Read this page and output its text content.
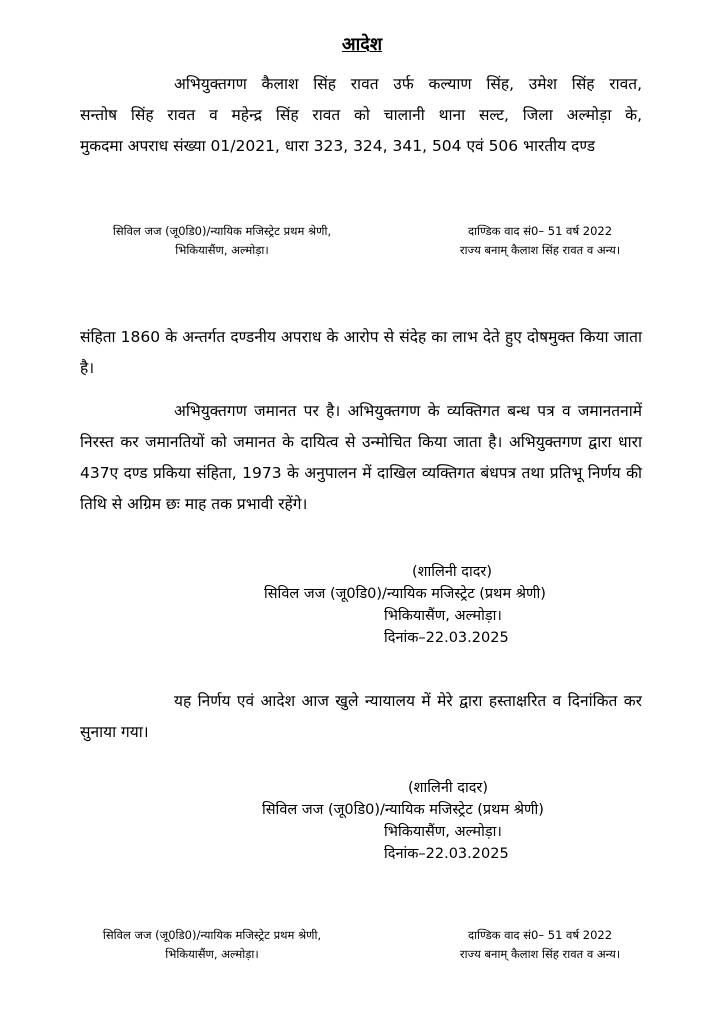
आदेश
अभियुक्तगण कैलाश सिंह रावत उर्फ कल्याण सिंह, उमेश सिंह रावत,
सन्तोष सिंह रावत व महेन्द्र सिंह रावत को चालानी थाना सल्ट, जिला अल्मोड़ा के,
मुकदमा अपराध संख्या 01/2021, धारा 323, 324, 341, 504 एवं 506 भारतीय दण्ड
सिविल जज (जू0डि0)/न्यायिक मजिस्ट्रेट प्रथम श्रेणी,
भिकियासैंण, अल्मोड़ा।
दाण्डिक वाद सं0– 51 वर्ष 2022
राज्य बनाम् कैलाश सिंह रावत व अन्य।
संहिता 1860 के अन्तर्गत दण्डनीय अपराध के आरोप से संदेह का लाभ देते हुए दोषमुक्त किया जाता है।
अभियुक्तगण जमानत पर है। अभियुक्तगण के व्यक्तिगत बन्ध पत्र व जमानतनामें निरस्त कर जमानतियों को जमानत के दायित्व से उन्मोचित किया जाता है। अभियुक्तगण द्वारा धारा 437ए दण्ड प्रकिया संहिता, 1973 के अनुपालन में दाखिल व्यक्तिगत बंधपत्र तथा प्रतिभू निर्णय की तिथि से अग्रिम छः माह तक प्रभावी रहेंगे।
(शालिनी दादर)
सिविल जज (जू0डि0)/न्यायिक मजिस्ट्रेट (प्रथम श्रेणी)
भिकियासैंण, अल्मोड़ा।
दिनांक–22.03.2025
यह निर्णय एवं आदेश आज खुले न्यायालय में मेरे द्वारा हस्ताक्षरित व दिनांकित कर सुनाया गया।
(शालिनी दादर)
सिविल जज (जू0डि0)/न्यायिक मजिस्ट्रेट (प्रथम श्रेणी)
भिकियासैंण, अल्मोड़ा।
दिनांक–22.03.2025
सिविल जज (जू0डि0)/न्यायिक मजिस्ट्रेट प्रथम श्रेणी,
भिकियासैंण, अल्मोड़ा।
दाण्डिक वाद सं0– 51 वर्ष 2022
राज्य बनाम् कैलाश सिंह रावत व अन्य।
